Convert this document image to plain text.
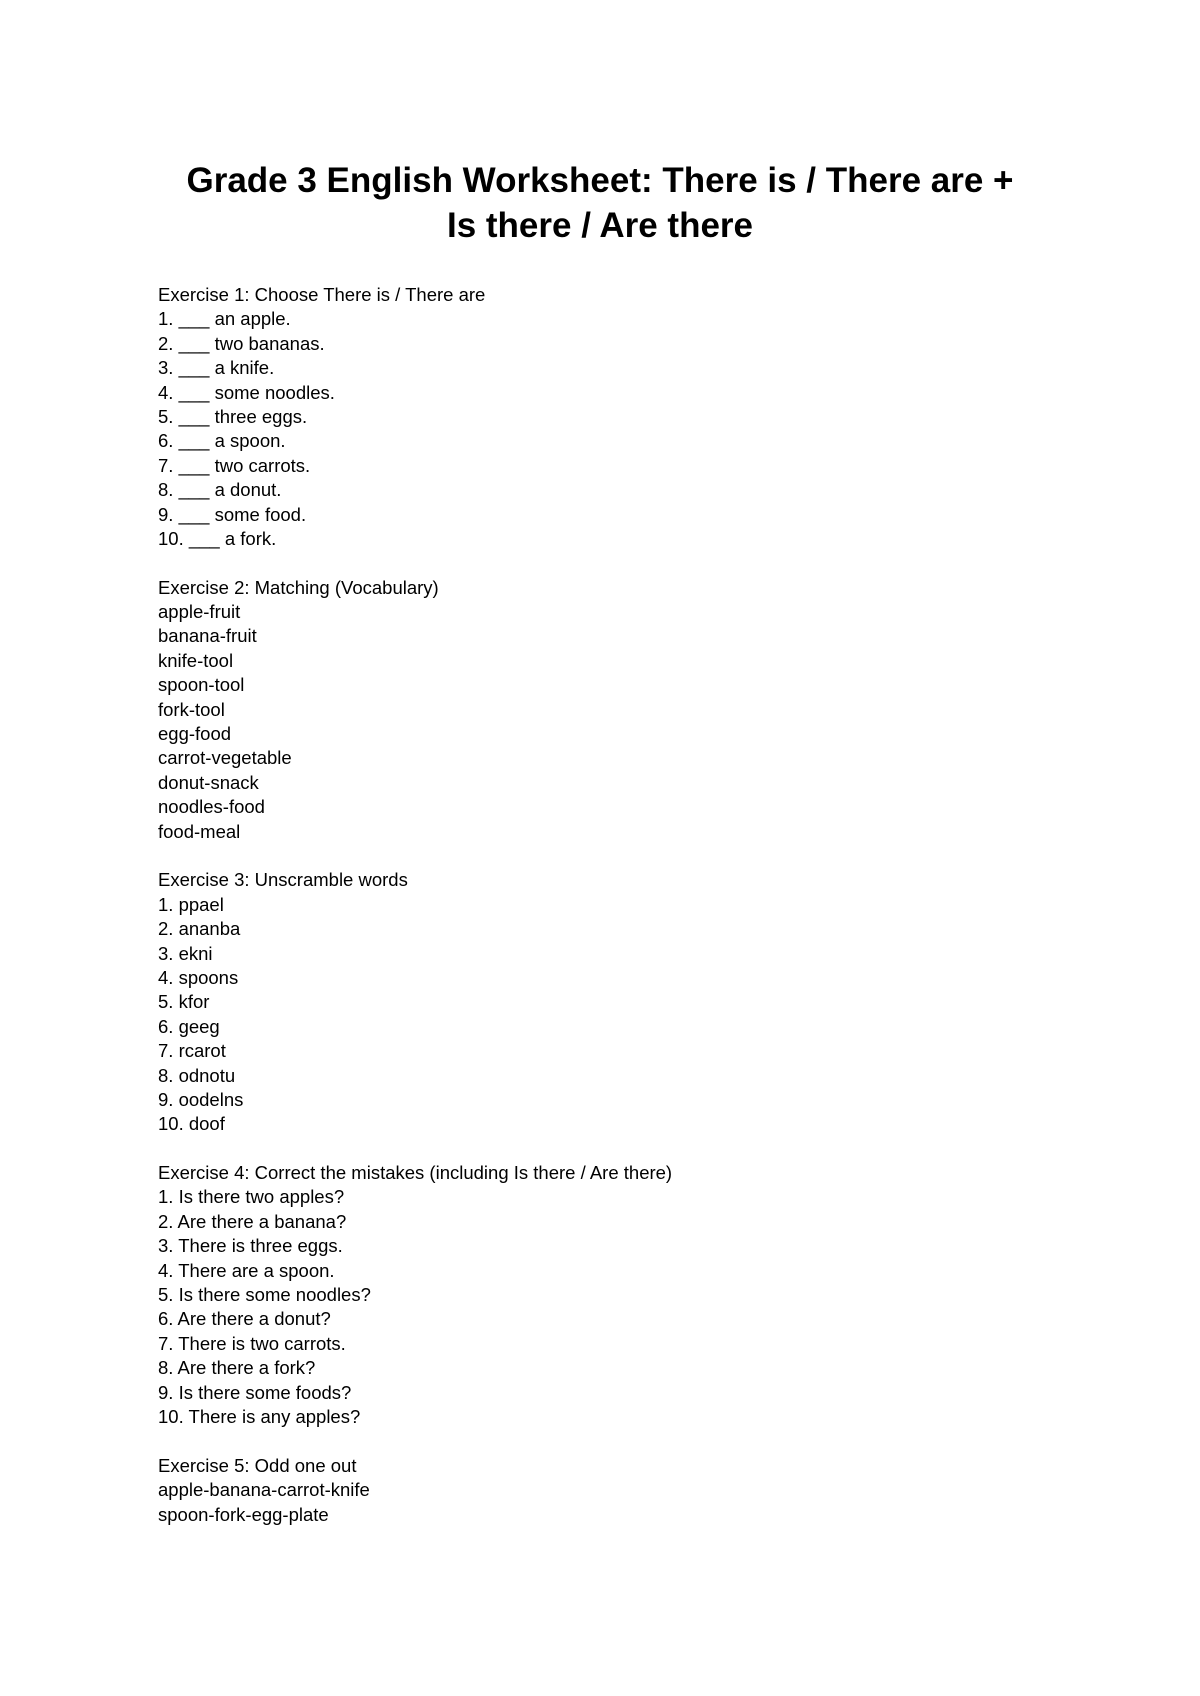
Grade 3 English Worksheet: There is / There are +
Is there / Are there
Exercise 1: Choose There is / There are
1. ___ an apple.
2. ___ two bananas.
3. ___ a knife.
4. ___ some noodles.
5. ___ three eggs.
6. ___ a spoon.
7. ___ two carrots.
8. ___ a donut.
9. ___ some food.
10. ___ a fork.
Exercise 2: Matching (Vocabulary)
apple-fruit
banana-fruit
knife-tool
spoon-tool
fork-tool
egg-food
carrot-vegetable
donut-snack
noodles-food
food-meal
Exercise 3: Unscramble words
1. ppael
2. ananba
3. ekni
4. spoons
5. kfor
6. geeg
7. rcarot
8. odnotu
9. oodelns
10. doof
Exercise 4: Correct the mistakes (including Is there / Are there)
1. Is there two apples?
2. Are there a banana?
3. There is three eggs.
4. There are a spoon.
5. Is there some noodles?
6. Are there a donut?
7. There is two carrots.
8. Are there a fork?
9. Is there some foods?
10. There is any apples?
Exercise 5: Odd one out
apple-banana-carrot-knife
spoon-fork-egg-plate
